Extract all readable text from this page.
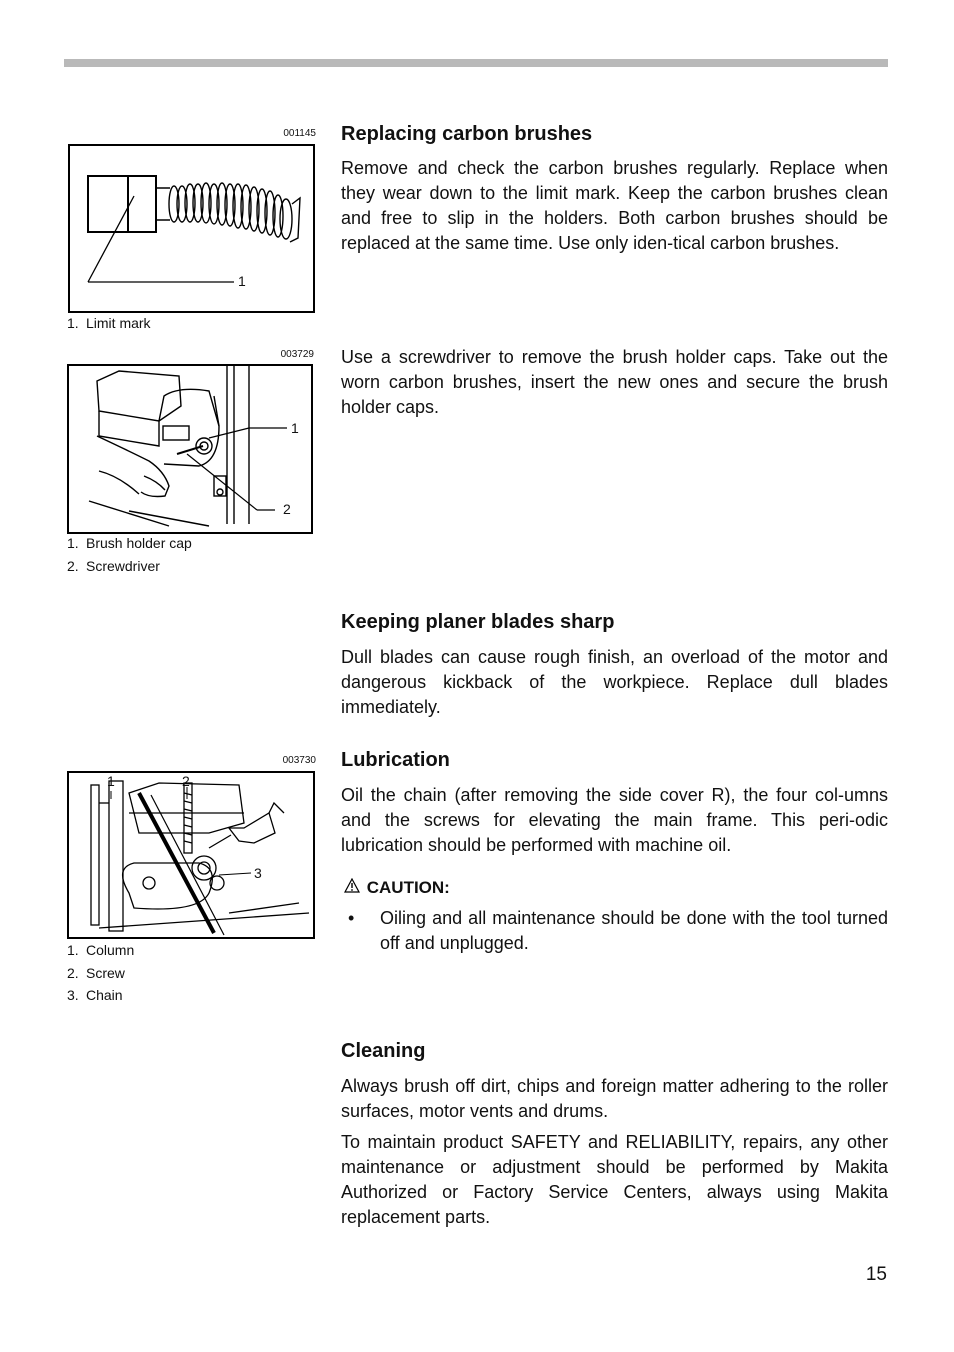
001145
1
1. Limit mark
003729
1
2
1. Brush holder cap
2. Screwdriver
003730
1	2
3
1. Column
2. Screw
3. Chain
Replacing carbon brushes

Remove and check the carbon brushes regularly. Replace when they wear down to the limit mark. Keep the carbon brushes clean and free to slip in the holders. Both carbon brushes should be replaced at the same time. Use only iden-tical carbon brushes.

Use a screwdriver to remove the brush holder caps. Take out the worn carbon brushes, insert the new ones and secure the brush holder caps.

Keeping planer blades sharp

Dull blades can cause rough finish, an overload of the motor and dangerous kickback of the workpiece. Replace dull blades immediately.

Lubrication

Oil the chain (after removing the side cover R), the four col-umns and the screws for elevating the main frame. This peri-odic lubrication should be performed with machine oil.

CAUTION:
• Oiling and all maintenance should be done with the tool turned off and unplugged.
Cleaning

Always brush off dirt, chips and foreign matter adhering to the roller surfaces, motor vents and drums.

To maintain product SAFETY and RELIABILITY, repairs, any other maintenance or adjustment should be performed by Makita Authorized or Factory Service Centers, always using Makita replacement parts.

15
